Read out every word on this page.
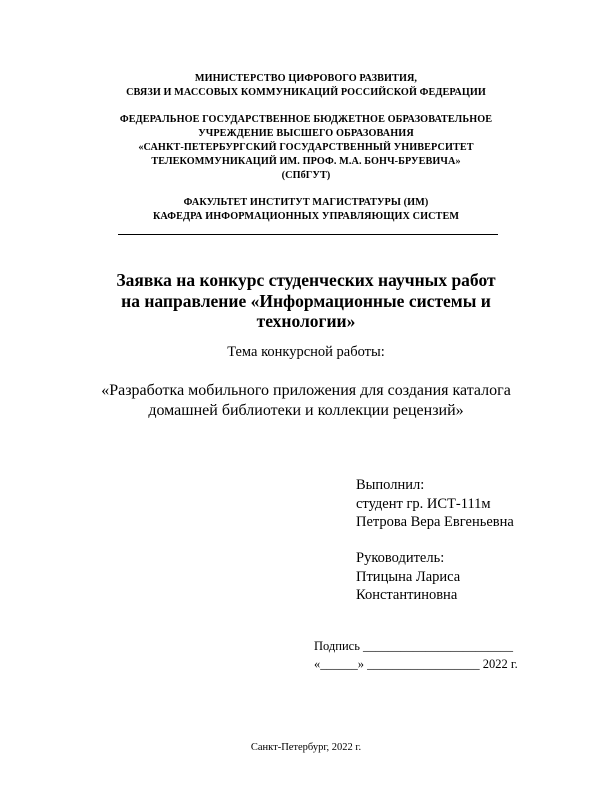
МИНИСТЕРСТВО ЦИФРОВОГО РАЗВИТИЯ,
СВЯЗИ И МАССОВЫХ КОММУНИКАЦИЙ РОССИЙСКОЙ ФЕДЕРАЦИИ
ФЕДЕРАЛЬНОЕ ГОСУДАРСТВЕННОЕ БЮДЖЕТНОЕ ОБРАЗОВАТЕЛЬНОЕ
УЧРЕЖДЕНИЕ ВЫСШЕГО ОБРАЗОВАНИЯ
«САНКТ-ПЕТЕРБУРГСКИЙ ГОСУДАРСТВЕННЫЙ УНИВЕРСИТЕТ
ТЕЛЕКОММУНИКАЦИЙ ИМ. ПРОФ. М.А. БОНЧ-БРУЕВИЧА»
(СПбГУТ)
ФАКУЛЬТЕТ ИНСТИТУТ МАГИСТРАТУРЫ (ИМ)
КАФЕДРА ИНФОРМАЦИОННЫХ УПРАВЛЯЮЩИХ СИСТЕМ
Заявка на конкурс студенческих научных работ
на направление «Информационные системы и
технологии»
Тема конкурсной работы:
«Разработка мобильного приложения для создания каталога
домашней библиотеки и коллекции рецензий»
Выполнил:
студент гр. ИСТ-111м
Петрова Вера Евгеньевна
Руководитель:
Птицына Лариса
Константиновна
Подпись ________________________
«______» __________________ 2022 г.
Санкт-Петербург, 2022 г.
